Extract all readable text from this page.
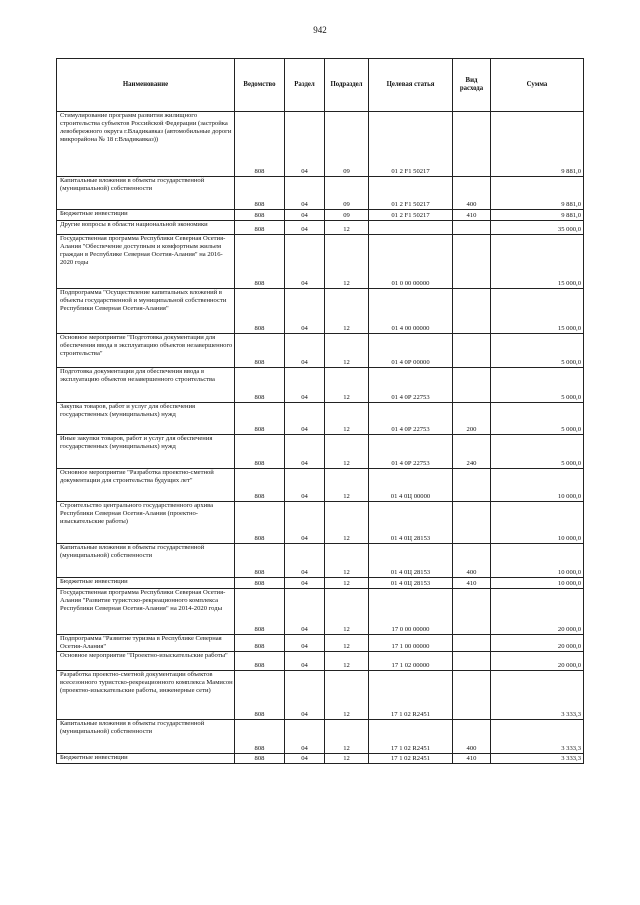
942
Наименование	Ведомство	Раздел	Подраздел	Целевая статья	Вид расхода	Сумма
Стимулирование программ развития жилищного строительства субъектов Российской Федерации (застройка левобережного округа г.Владикавказ (автомобильные дороги микрорайона № 18 г.Владикавказ))	808	04	09	01 2 F1 50217		9 881,0
Капитальные вложения в объекты государственной (муниципальной) собственности	808	04	09	01 2 F1 50217	400	9 881,0
Бюджетные инвестиции	808	04	09	01 2 F1 50217	410	9 881,0
Другие вопросы в области национальной экономики	808	04	12			35 000,0
Государственная программа Республики Северная Осетия-Алания "Обеспечение доступным и комфортным жильем граждан в Республике Северная Осетия-Алания" на 2016-2020 годы	808	04	12	01 0 00 00000		15 000,0
Подпрограмма "Осуществление капитальных вложений в объекты государственной и муниципальной собственности Республики Северная Осетия-Алания"	808	04	12	01 4 00 00000		15 000,0
Основное мероприятие "Подготовка документации для обеспечения ввода в эксплуатацию объектов незавершенного строительства"	808	04	12	01 4 0Р 00000		5 000,0
Подготовка документации для обеспечения ввода в эксплуатацию объектов незавершенного строительства	808	04	12	01 4 0Р 22753		5 000,0
Закупка товаров, работ и услуг для обеспечения государственных (муниципальных) нужд	808	04	12	01 4 0Р 22753	200	5 000,0
Иные закупки товаров, работ и услуг для обеспечения государственных (муниципальных) нужд	808	04	12	01 4 0Р 22753	240	5 000,0
Основное мероприятие "Разработка проектно-сметной документации для строительства будущих лет"	808	04	12	01 4 0Ц 00000		10 000,0
Строительство центрального государственного архива Республики Северная Осетия-Алания (проектно-изыскательские работы)	808	04	12	01 4 0Ц 28153		10 000,0
Капитальные вложения в объекты государственной (муниципальной) собственности	808	04	12	01 4 0Ц 28153	400	10 000,0
Бюджетные инвестиции	808	04	12	01 4 0Ц 28153	410	10 000,0
Государственная программа Республики Северная Осетия-Алания "Развитие туристско-рекреационного комплекса Республики Северная Осетия-Алания" на 2014-2020 годы	808	04	12	17 0 00 00000		20 000,0
Подпрограмма "Развитие туризма в Республике Северная Осетия-Алания"	808	04	12	17 1 00 00000		20 000,0
Основное мероприятие "Проектно-изыскательские работы"	808	04	12	17 1 02 00000		20 000,0
Разработка проектно-сметной документации объектов всесезонного туристско-рекреационного комплекса Мамисон (проектно-изыскательские работы, инженерные сети)	808	04	12	17 1 02 R2451		3 333,3
Капитальные вложения в объекты государственной (муниципальной) собственности	808	04	12	17 1 02 R2451	400	3 333,3
Бюджетные инвестиции	808	04	12	17 1 02 R2451	410	3 333,3
